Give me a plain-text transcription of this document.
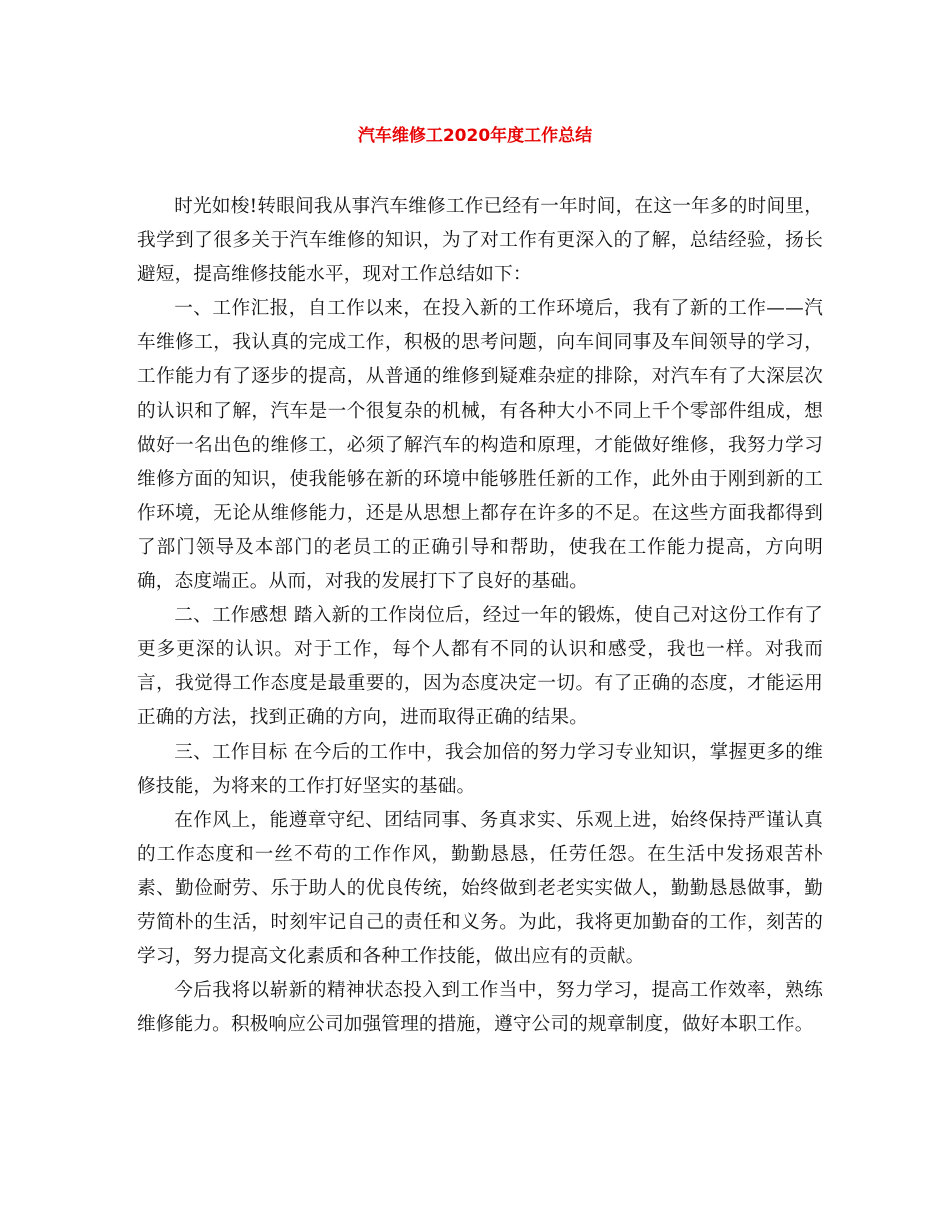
汽车维修工2020年度工作总结

时光如梭!转眼间我从事汽车维修工作已经有一年时间，在这一年多的时间里，我学到了很多关于汽车维修的知识，为了对工作有更深入的了解，总结经验，扬长避短，提高维修技能水平，现对工作总结如下：

一、工作汇报，自工作以来，在投入新的工作环境后，我有了新的工作——汽车维修工，我认真的完成工作，积极的思考问题，向车间同事及车间领导的学习，工作能力有了逐步的提高，从普通的维修到疑难杂症的排除，对汽车有了大深层次的认识和了解，汽车是一个很复杂的机械，有各种大小不同上千个零部件组成，想做好一名出色的维修工，必须了解汽车的构造和原理，才能做好维修，我努力学习维修方面的知识，使我能够在新的环境中能够胜任新的工作，此外由于刚到新的工作环境，无论从维修能力，还是从思想上都存在许多的不足。在这些方面我都得到了部门领导及本部门的老员工的正确引导和帮助，使我在工作能力提高，方向明确，态度端正。从而，对我的发展打下了良好的基础。

二、工作感想 踏入新的工作岗位后，经过一年的锻炼，使自己对这份工作有了更多更深的认识。对于工作，每个人都有不同的认识和感受，我也一样。对我而言，我觉得工作态度是最重要的，因为态度决定一切。有了正确的态度，才能运用正确的方法，找到正确的方向，进而取得正确的结果。

三、工作目标 在今后的工作中，我会加倍的努力学习专业知识，掌握更多的维修技能，为将来的工作打好坚实的基础。

在作风上，能遵章守纪、团结同事、务真求实、乐观上进，始终保持严谨认真的工作态度和一丝不苟的工作作风，勤勤恳恳，任劳任怨。在生活中发扬艰苦朴素、勤俭耐劳、乐于助人的优良传统，始终做到老老实实做人，勤勤恳恳做事，勤劳简朴的生活，时刻牢记自己的责任和义务。为此，我将更加勤奋的工作，刻苦的学习，努力提高文化素质和各种工作技能，做出应有的贡献。

今后我将以崭新的精神状态投入到工作当中，努力学习，提高工作效率，熟练维修能力。积极响应公司加强管理的措施，遵守公司的规章制度，做好本职工作。
